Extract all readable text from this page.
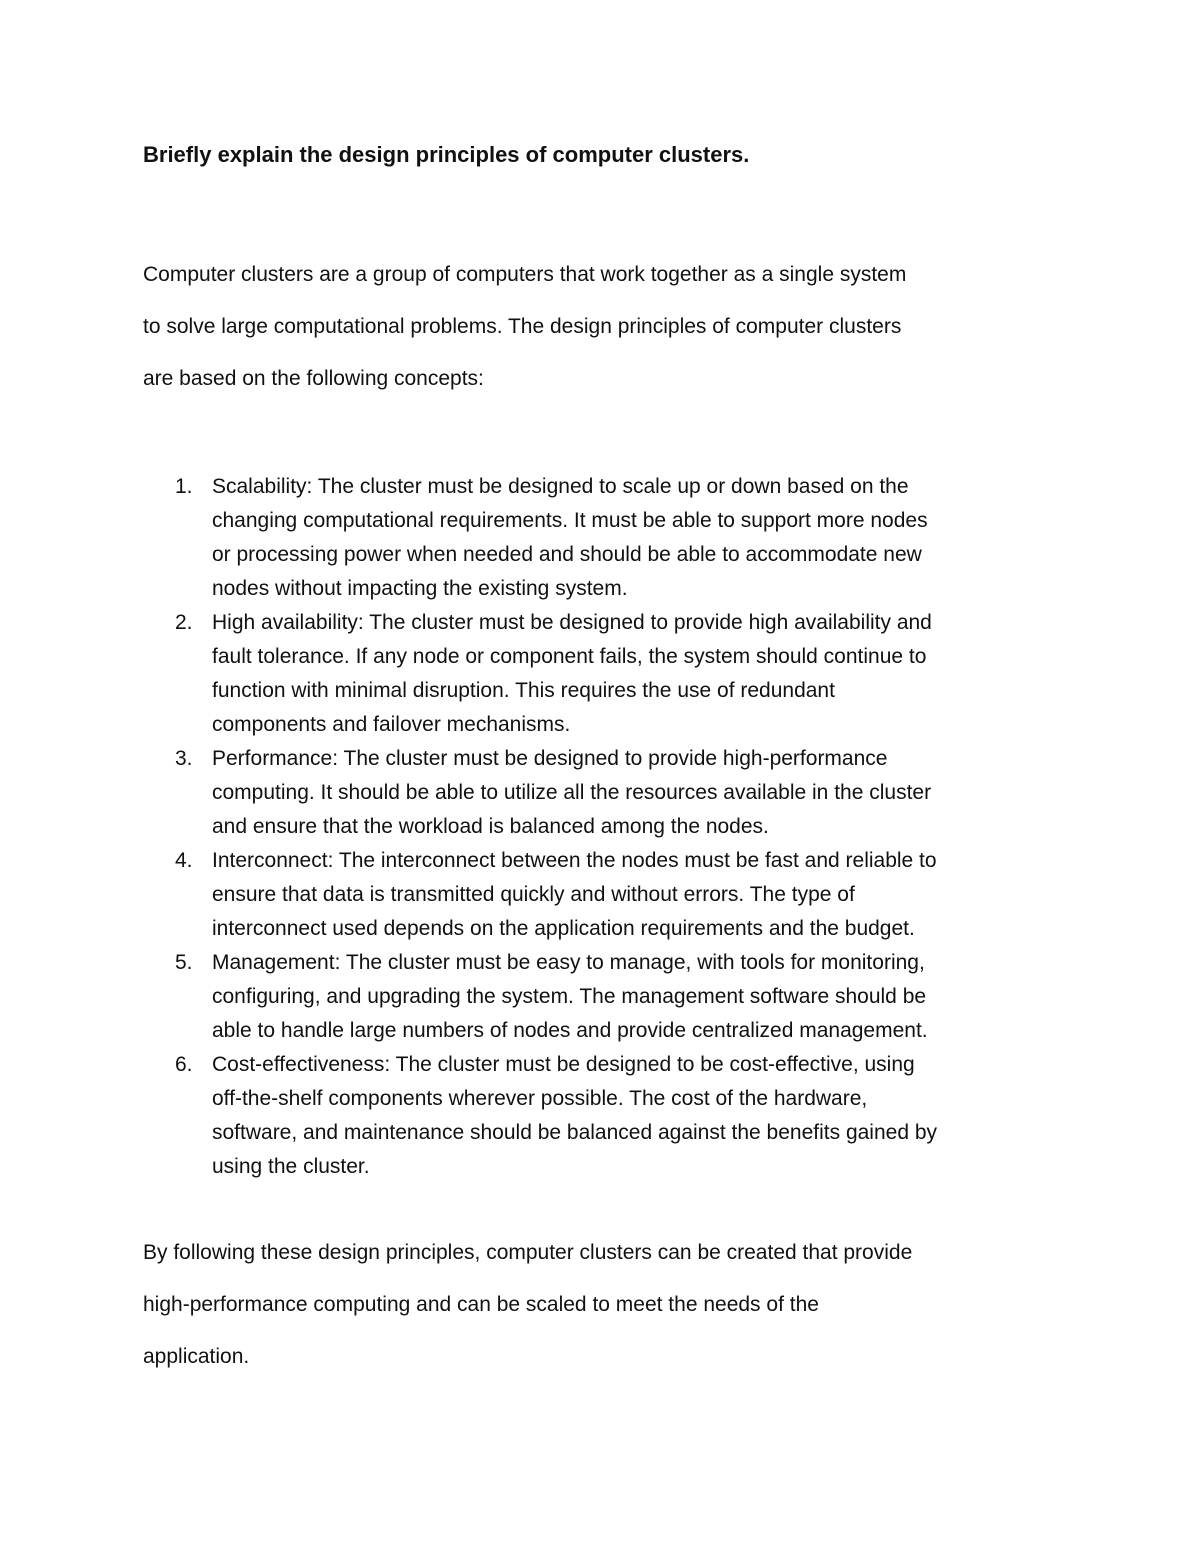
Briefly explain the design principles of computer clusters.
Computer clusters are a group of computers that work together as a single system
to solve large computational problems. The design principles of computer clusters
are based on the following concepts:
1. Scalability: The cluster must be designed to scale up or down based on the
changing computational requirements. It must be able to support more nodes
or processing power when needed and should be able to accommodate new
nodes without impacting the existing system.
2. High availability: The cluster must be designed to provide high availability and
fault tolerance. If any node or component fails, the system should continue to
function with minimal disruption. This requires the use of redundant
components and failover mechanisms.
3. Performance: The cluster must be designed to provide high-performance
computing. It should be able to utilize all the resources available in the cluster
and ensure that the workload is balanced among the nodes.
4. Interconnect: The interconnect between the nodes must be fast and reliable to
ensure that data is transmitted quickly and without errors. The type of
interconnect used depends on the application requirements and the budget.
5. Management: The cluster must be easy to manage, with tools for monitoring,
configuring, and upgrading the system. The management software should be
able to handle large numbers of nodes and provide centralized management.
6. Cost-effectiveness: The cluster must be designed to be cost-effective, using
off-the-shelf components wherever possible. The cost of the hardware,
software, and maintenance should be balanced against the benefits gained by
using the cluster.
By following these design principles, computer clusters can be created that provide
high-performance computing and can be scaled to meet the needs of the
application.
